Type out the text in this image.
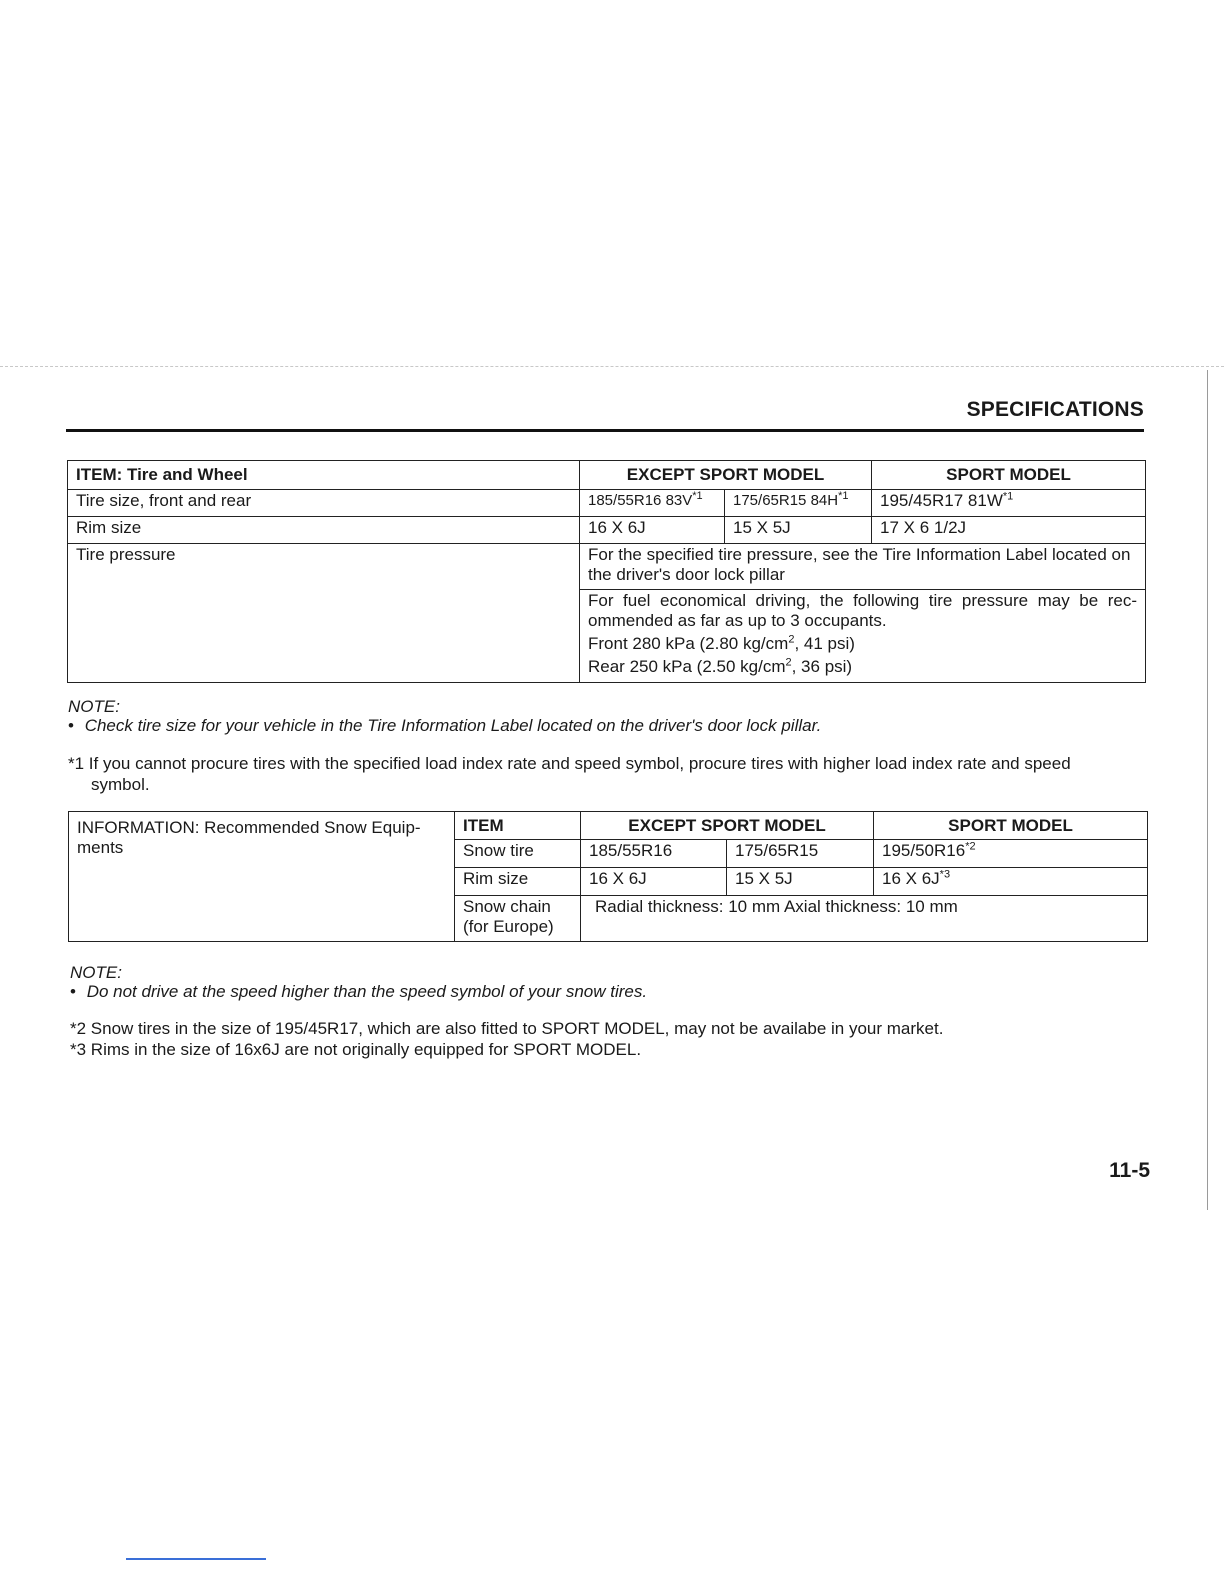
SPECIFICATIONS
ITEM: Tire and Wheel	EXCEPT SPORT MODEL		SPORT MODEL
Tire size, front and rear	185/55R16 $83V^{*1}$	175/65R15 $84H^{*1}$	195/45R17 $81W^{*1}$
Rim size	16 X 6J	15 X 5J	17 X 6 1/2J
Tire pressure	For the specified tire pressure, see the Tire Information Label located on the driver's door lock pillar		

	For fuel economical driving, the following tire pressure may be rec-
ommended as far as up to 3 occupants.
Front 280 kPa (2.80 $kg/cm^2$, 41 psi)
Rear 250 kPa (2.50 $kg/cm^2$, 36 psi)		
NOTE:
• Check tire size for your vehicle in the Tire Information Label located on the driver's door lock pillar.
*1 If you cannot procure tires with the specified load index rate and speed symbol, procure tires with higher load index rate and speed
symbol.
INFORMATION: Recommended Snow Equip-
ments	ITEM	EXCEPT SPORT MODEL		SPORT MODEL
	Snow tire	185/55R16	175/65R15	195/50R16$^{*2}$
	Rim size	16 X 6J	15 X 5J	16 X $6J^{*3}$

	Snow chain
(for Europe)	Radial thickness: 10 mm Axial thickness: 10 mm		
NOTE:
• Do not drive at the speed higher than the speed symbol of your snow tires.
*2 Snow tires in the size of 195/45R17, which are also fitted to SPORT MODEL, may not be availabe in your market.
*3 Rims in the size of 16x6J are not originally equipped for SPORT MODEL.
11-5
